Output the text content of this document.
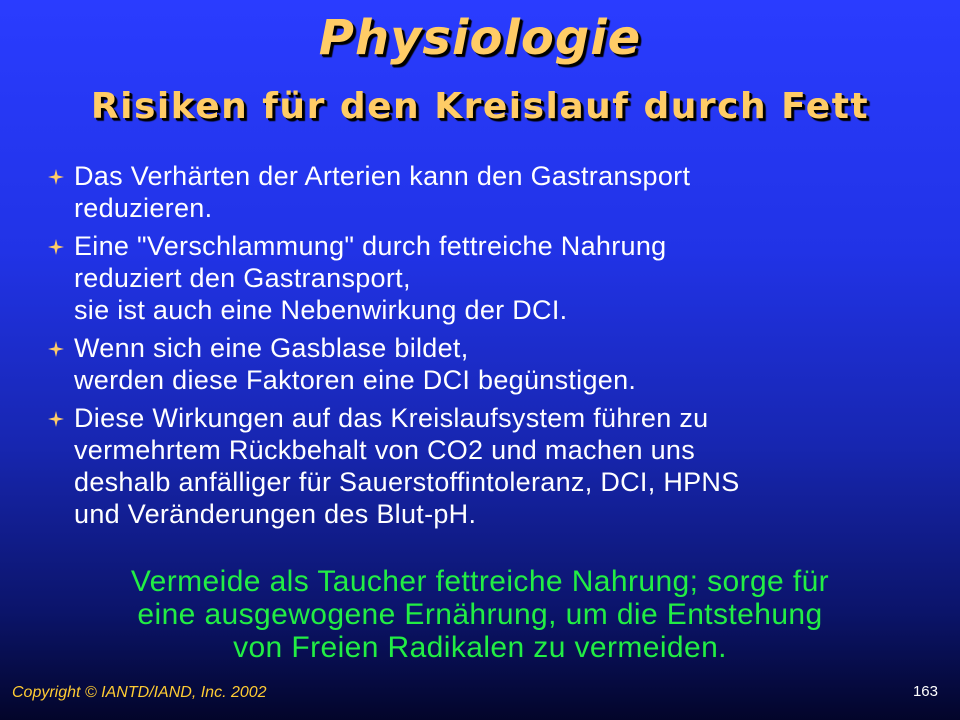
Physiologie
Risiken für den Kreislauf durch Fett
Das Verhärten der Arterien kann den Gastransport
reduzieren.
Eine "Verschlammung" durch fettreiche Nahrung
reduziert den Gastransport,
sie ist auch eine Nebenwirkung der DCI.
Wenn sich eine Gasblase bildet,
werden diese Faktoren eine DCI begünstigen.
Diese Wirkungen auf das Kreislaufsystem führen zu
vermehrtem Rückbehalt von CO2 und machen uns
deshalb anfälliger für Sauerstoffintoleranz, DCI, HPNS
und Veränderungen des Blut-pH.

Vermeide als Taucher fettreiche Nahrung; sorge für
eine ausgewogene Ernährung, um die Entstehung
von Freien Radikalen zu vermeiden.

Copyright © IANTD/IAND, Inc. 2002	163
